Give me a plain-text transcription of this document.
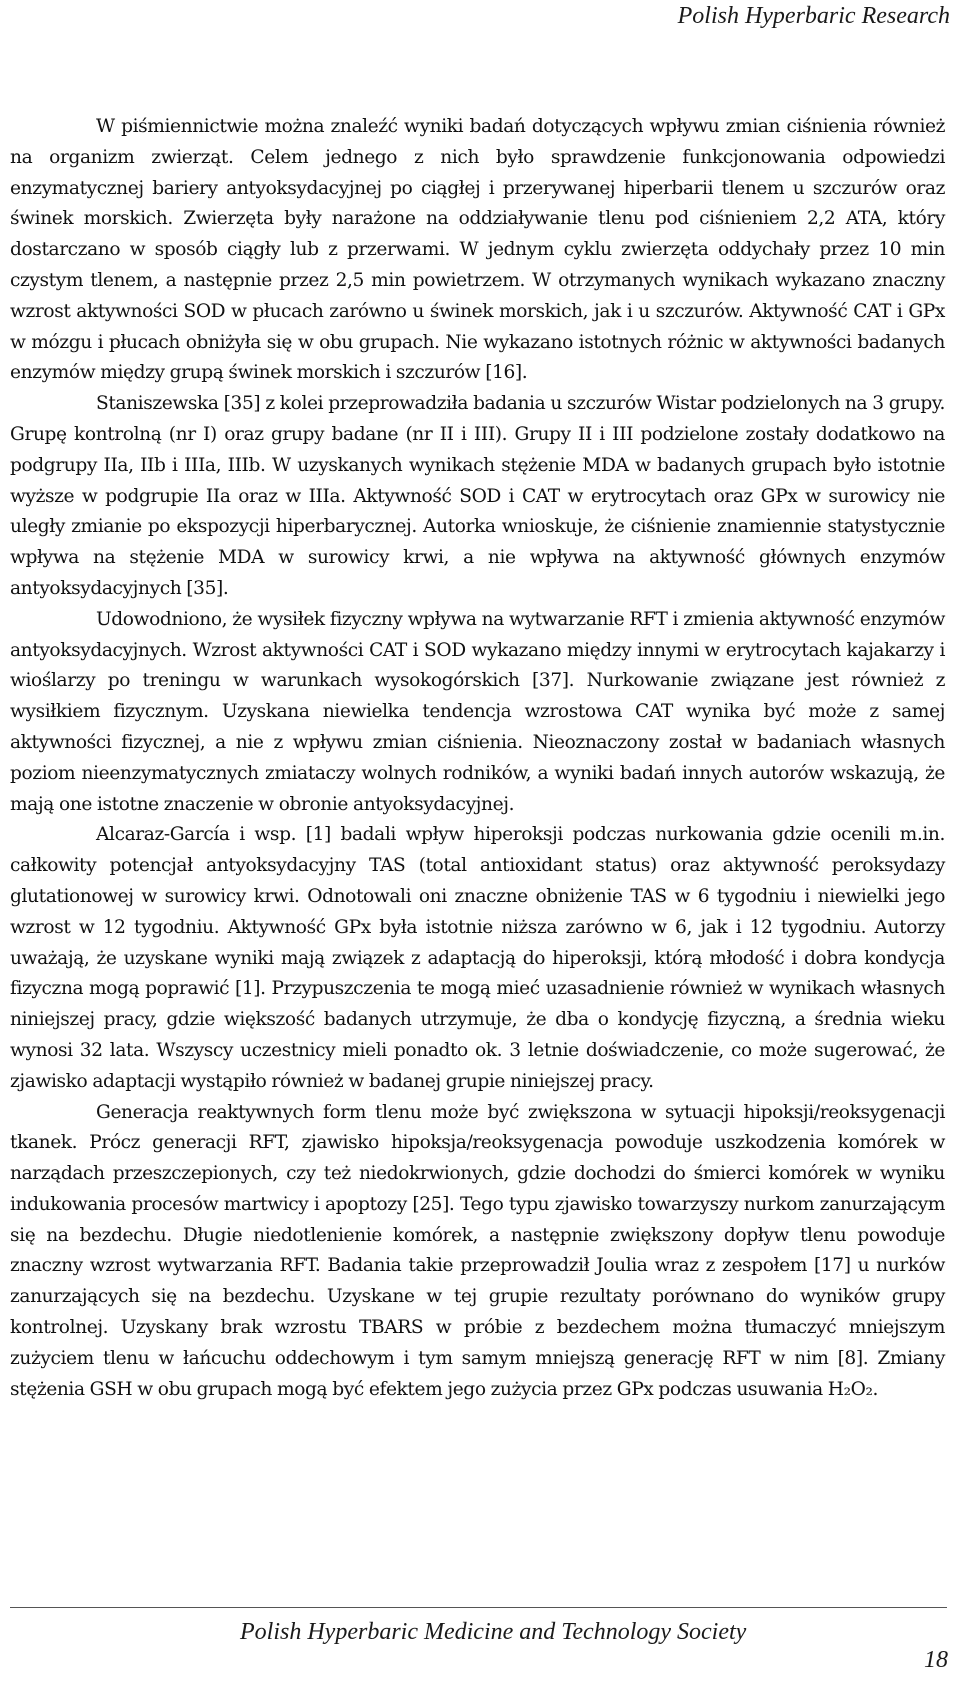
Polish Hyperbaric Research

W piśmiennictwie można znaleźć wyniki badań dotyczących wpływu zmian ciśnienia również na organizm zwierząt. Celem jednego z nich było sprawdzenie funkcjonowania odpowiedzi enzymatycznej bariery antyoksydacyjnej po ciągłej i przerywanej hiperbarii tlenem u szczurów oraz świnek morskich. Zwierzęta były narażone na oddziaływanie tlenu pod ciśnieniem 2,2 ATA, który dostarczano w sposób ciągły lub z przerwami. W jednym cyklu zwierzęta oddychały przez 10 min czystym tlenem, a następnie przez 2,5 min powietrzem. W otrzymanych wynikach wykazano znaczny wzrost aktywności SOD w płucach zarówno u świnek morskich, jak i u szczurów. Aktywność CAT i GPx w mózgu i płucach obniżyła się w obu grupach. Nie wykazano istotnych różnic w aktywności badanych enzymów między grupą świnek morskich i szczurów [16].

Staniszewska [35] z kolei przeprowadziła badania u szczurów Wistar podzielonych na 3 grupy. Grupę kontrolną (nr I) oraz grupy badane (nr II i III). Grupy II i III podzielone zostały dodatkowo na podgrupy IIa, IIb i IIIa, IIIb. W uzyskanych wynikach stężenie MDA w badanych grupach było istotnie wyższe w podgrupie IIa oraz w IIIa. Aktywność SOD i CAT w erytrocytach oraz GPx w surowicy nie uległy zmianie po ekspozycji hiperbarycznej. Autorka wnioskuje, że ciśnienie znamiennie statystycznie wpływa na stężenie MDA w surowicy krwi, a nie wpływa na aktywność głównych enzymów antyoksydacyjnych [35].

Udowodniono, że wysiłek fizyczny wpływa na wytwarzanie RFT i zmienia aktywność enzymów antyoksydacyjnych. Wzrost aktywności CAT i SOD wykazano między innymi w erytrocytach kajakarzy i wioślarzy po treningu w warunkach wysokogórskich [37]. Nurkowanie związane jest również z wysiłkiem fizycznym. Uzyskana niewielka tendencja wzrostowa CAT wynika być może z samej aktywności fizycznej, a nie z wpływu zmian ciśnienia. Nieoznaczony został w badaniach własnych poziom nieenzymatycznych zmiataczy wolnych rodników, a wyniki badań innych autorów wskazują, że mają one istotne znaczenie w obronie antyoksydacyjnej.

Alcaraz-García i wsp. [1] badali wpływ hiperoksji podczas nurkowania gdzie ocenili m.in. całkowity potencjał antyoksydacyjny TAS (total antioxidant status) oraz aktywność peroksydazy glutationowej w surowicy krwi. Odnotowali oni znaczne obniżenie TAS w 6 tygodniu i niewielki jego wzrost w 12 tygodniu. Aktywność GPx była istotnie niższa zarówno w 6, jak i 12 tygodniu. Autorzy uważają, że uzyskane wyniki mają związek z adaptacją do hiperoksji, którą młodość i dobra kondycja fizyczna mogą poprawić [1]. Przypuszczenia te mogą mieć uzasadnienie również w wynikach własnych niniejszej pracy, gdzie większość badanych utrzymuje, że dba o kondycję fizyczną, a średnia wieku wynosi 32 lata. Wszyscy uczestnicy mieli ponadto ok. 3 letnie doświadczenie, co może sugerować, że zjawisko adaptacji wystąpiło również w badanej grupie niniejszej pracy.

Generacja reaktywnych form tlenu może być zwiększona w sytuacji hipoksji/reoksygenacji tkanek. Prócz generacji RFT, zjawisko hipoksja/reoksygenacja powoduje uszkodzenia komórek w narządach przeszczepionych, czy też niedokrwionych, gdzie dochodzi do śmierci komórek w wyniku indukowania procesów martwicy i apoptozy [25]. Tego typu zjawisko towarzyszy nurkom zanurzającym się na bezdechu. Długie niedotlenienie komórek, a następnie zwiększony dopływ tlenu powoduje znaczny wzrost wytwarzania RFT. Badania takie przeprowadził Joulia wraz z zespołem [17] u nurków zanurzających się na bezdechu. Uzyskane w tej grupie rezultaty porównano do wyników grupy kontrolnej. Uzyskany brak wzrostu TBARS w próbie z bezdechem można tłumaczyć mniejszym zużyciem tlenu w łańcuchu oddechowym i tym samym mniejszą generację RFT w nim [8]. Zmiany stężenia GSH w obu grupach mogą być efektem jego zużycia przez GPx podczas usuwania H₂O₂.

Polish Hyperbaric Medicine and Technology Society
18
